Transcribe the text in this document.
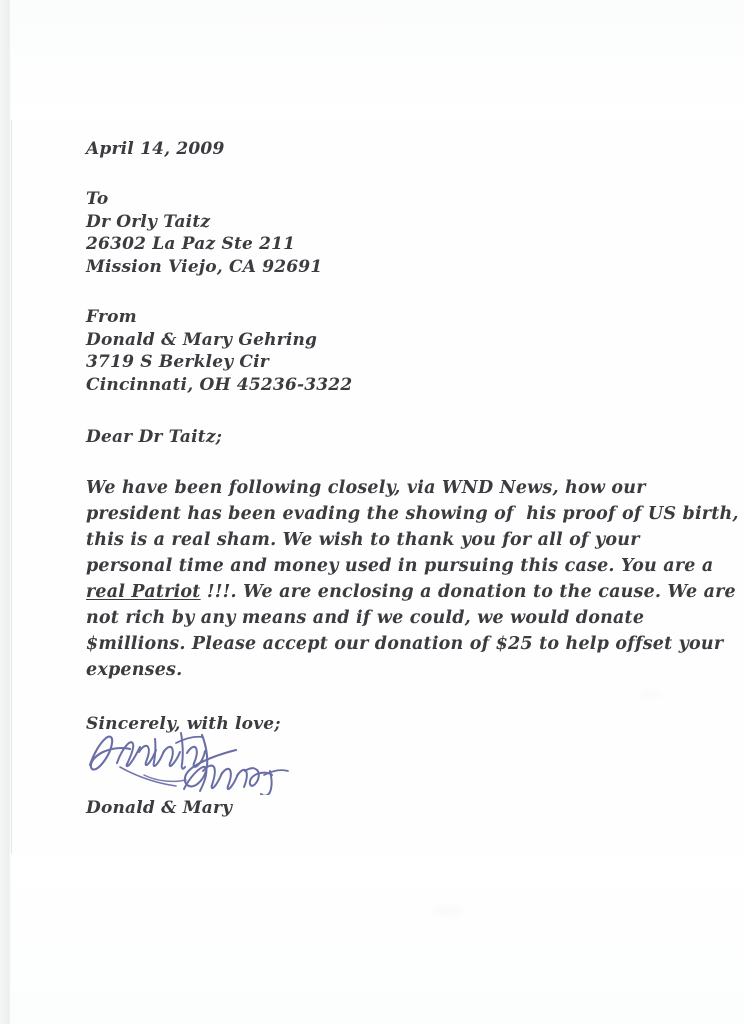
April 14, 2009
To
Dr Orly Taitz
26302 La Paz Ste 211
Mission Viejo, CA 92691
From
Donald & Mary Gehring
3719 S Berkley Cir
Cincinnati, OH 45236-3322
Dear Dr Taitz;
We have been following closely, via WND News, how our
president has been evading the showing of  his proof of US birth,
this is a real sham. We wish to thank you for all of your
personal time and money used in pursuing this case. You are a
real Patriot !!!. We are enclosing a donation to the cause. We are
not rich by any means and if we could, we would donate
$millions. Please accept our donation of $25 to help offset your
expenses.
Sincerely, with love;
Donald & Mary
